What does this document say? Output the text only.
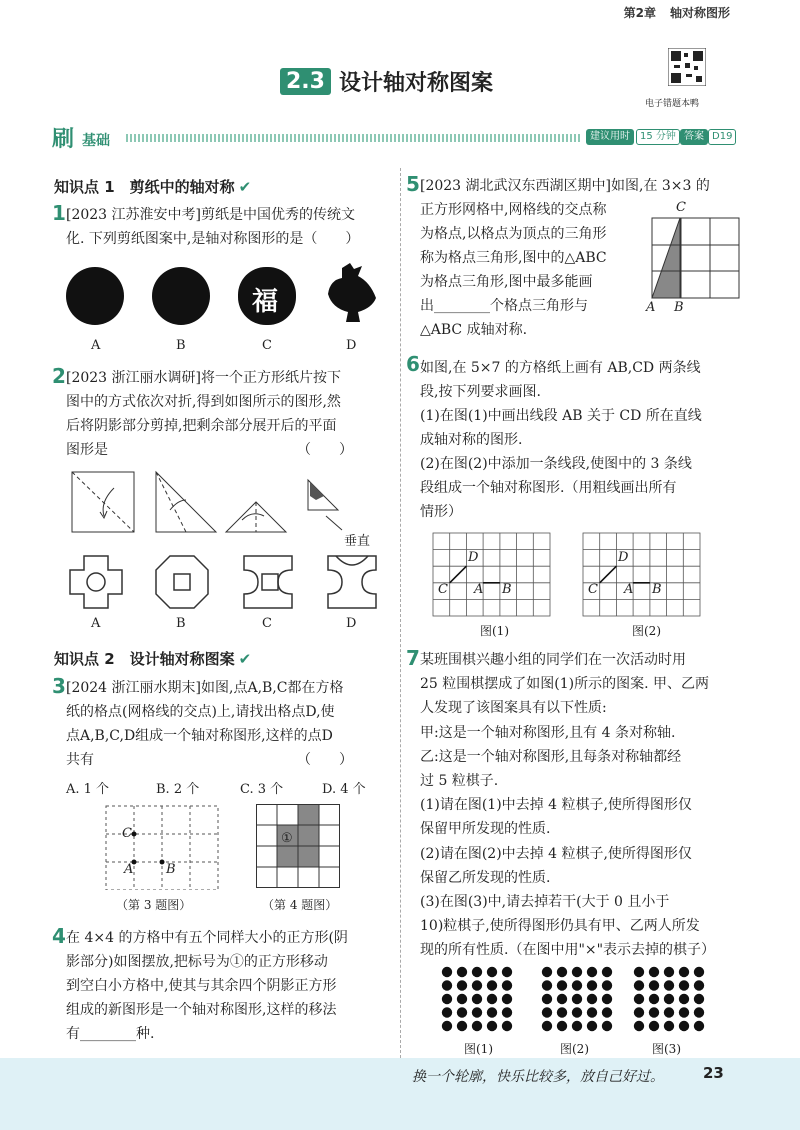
第2章 轴对称图形
2.3 设计轴对称图案
电子错题本鸭
刷 基础	建议用时	15 分钟 答案 D19
知识点 1　剪纸中的轴对称 ✔
1 [2023 江苏淮安中考]剪纸是中国优秀的传统文
化. 下列剪纸图案中,是轴对称图形的是（　　）
福
A	B	C	D
2 [2023 浙江丽水调研]将一个正方形纸片按下
图中的方式依次对折,得到如图所示的图形,然
后将阴影部分剪掉,把剩余部分展开后的平面
图形是　　　　　　　　　　　　　　（　　）
垂直
A	B	C	D
知识点 2　设计轴对称图案 ✔
3 [2024 浙江丽水期末]如图,点A,B,C都在方格
纸的格点(网格线的交点)上,请找出格点D,使
点A,B,C,D组成一个轴对称图形,这样的点D
共有　　　　　　　　　　　　　　　（　　）
A. 1 个	B. 2 个	C. 3 个	D. 4 个
C
A	B
（第 3 题图）
①
（第 4 题图）
4 在 4×4 的方格中有五个同样大小的正方形(阴
影部分)如图摆放,把标号为①的正方形移动
到空白小方格中,使其与其余四个阴影正方形
组成的新图形是一个轴对称图形,这样的移法
有________种.
5 [2023 湖北武汉东西湖区期中]如图,在 3×3 的
正方形网格中,网格线的交点称
为格点,以格点为顶点的三角形
称为格点三角形,图中的△ABC
为格点三角形,图中最多能画
出________个格点三角形与
△ABC 成轴对称.
C
A B
6 如图,在 5×7 的方格纸上画有 AB,CD 两条线
段,按下列要求画图.
(1)在图(1)中画出线段 AB 关于 CD 所在直线
成轴对称的图形.
(2)在图(2)中添加一条线段,使图中的 3 条线
段组成一个轴对称图形.（用粗线画出所有
情形）
D
C A B
图(1)
D
C A B
图(2)
7 某班围棋兴趣小组的同学们在一次活动时用
25 粒围棋摆成了如图(1)所示的图案. 甲、乙两
人发现了该图案具有以下性质:
甲:这是一个轴对称图形,且有 4 条对称轴.
乙:这是一个轴对称图形,且每条对称轴都经
过 5 粒棋子.
(1)请在图(1)中去掉 4 粒棋子,使所得图形仅
保留甲所发现的性质.
(2)请在图(2)中去掉 4 粒棋子,使所得图形仅
保留乙所发现的性质.
(3)在图(3)中,请去掉若干(大于 0 且小于
10)粒棋子,使所得图形仍具有甲、乙两人所发
现的所有性质.（在图中用"×"表示去掉的棋子）
图(1)	图(2)	图(3)
换一个轮廓，快乐比较多，放自己好过。	23
